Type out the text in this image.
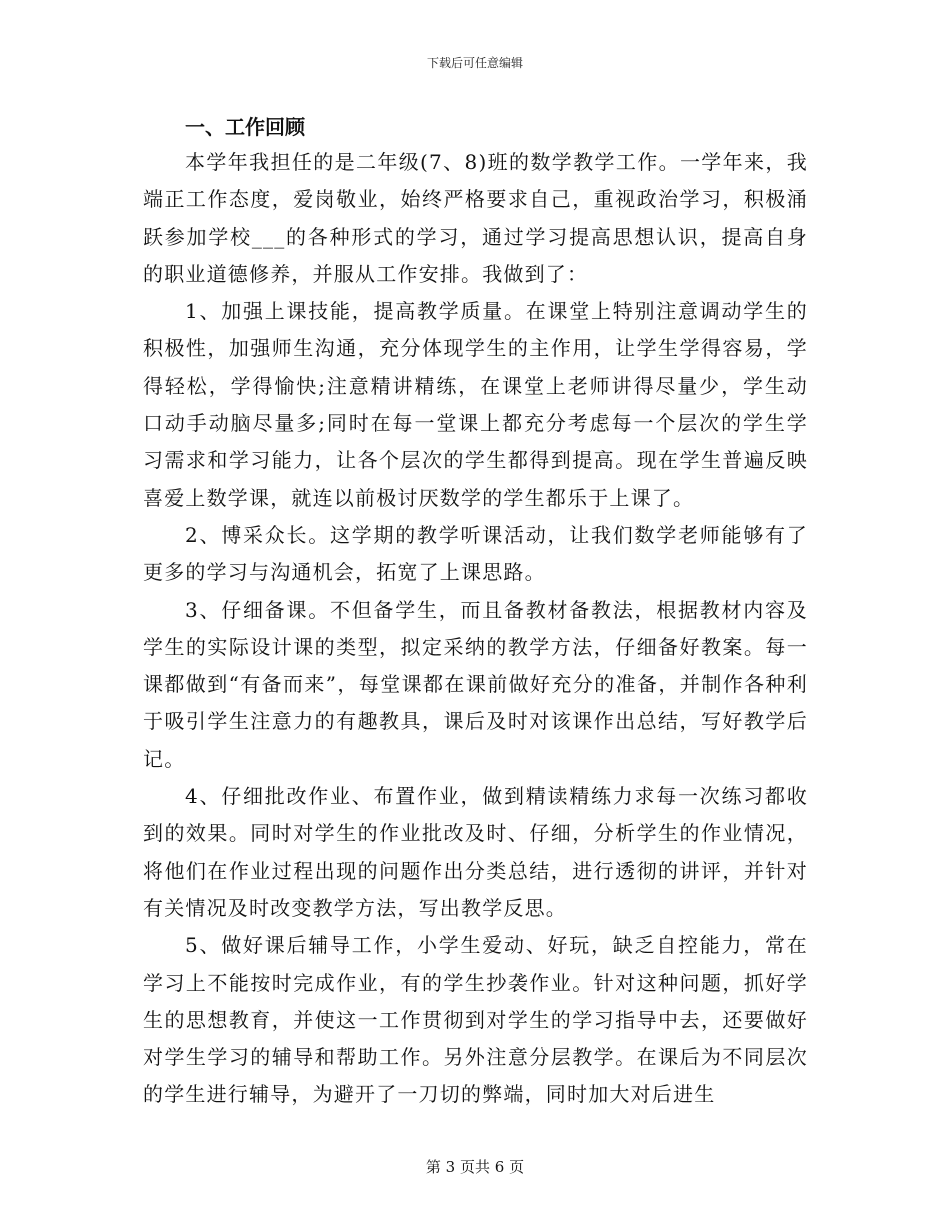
下载后可任意编辑

一、工作回顾

本学年我担任的是二年级(7、8)班的数学教学工作。一学年来，我端正工作态度，爱岗敬业，始终严格要求自己，重视政治学习，积极涌跃参加学校___的各种形式的学习，通过学习提高思想认识，提高自身的职业道德修养，并服从工作安排。我做到了：

1、加强上课技能，提高教学质量。在课堂上特别注意调动学生的积极性，加强师生沟通，充分体现学生的主作用，让学生学得容易，学得轻松，学得愉快;注意精讲精练，在课堂上老师讲得尽量少，学生动口动手动脑尽量多;同时在每一堂课上都充分考虑每一个层次的学生学习需求和学习能力，让各个层次的学生都得到提高。现在学生普遍反映喜爱上数学课，就连以前极讨厌数学的学生都乐于上课了。

2、博采众长。这学期的教学听课活动，让我们数学老师能够有了更多的学习与沟通机会，拓宽了上课思路。

3、仔细备课。不但备学生，而且备教材备教法，根据教材内容及学生的实际设计课的类型，拟定采纳的教学方法，仔细备好教案。每一课都做到“有备而来”，每堂课都在课前做好充分的准备，并制作各种利于吸引学生注意力的有趣教具，课后及时对该课作出总结，写好教学后记。

4、仔细批改作业、布置作业，做到精读精练力求每一次练习都收到的效果。同时对学生的作业批改及时、仔细，分析学生的作业情况，将他们在作业过程出现的问题作出分类总结，进行透彻的讲评，并针对有关情况及时改变教学方法，写出教学反思。

5、做好课后辅导工作，小学生爱动、好玩，缺乏自控能力，常在学习上不能按时完成作业，有的学生抄袭作业。针对这种问题，抓好学生的思想教育，并使这一工作贯彻到对学生的学习指导中去，还要做好对学生学习的辅导和帮助工作。另外注意分层教学。在课后为不同层次的学生进行辅导，为避开了一刀切的弊端，同时加大对后进生

第 3 页共 6 页
